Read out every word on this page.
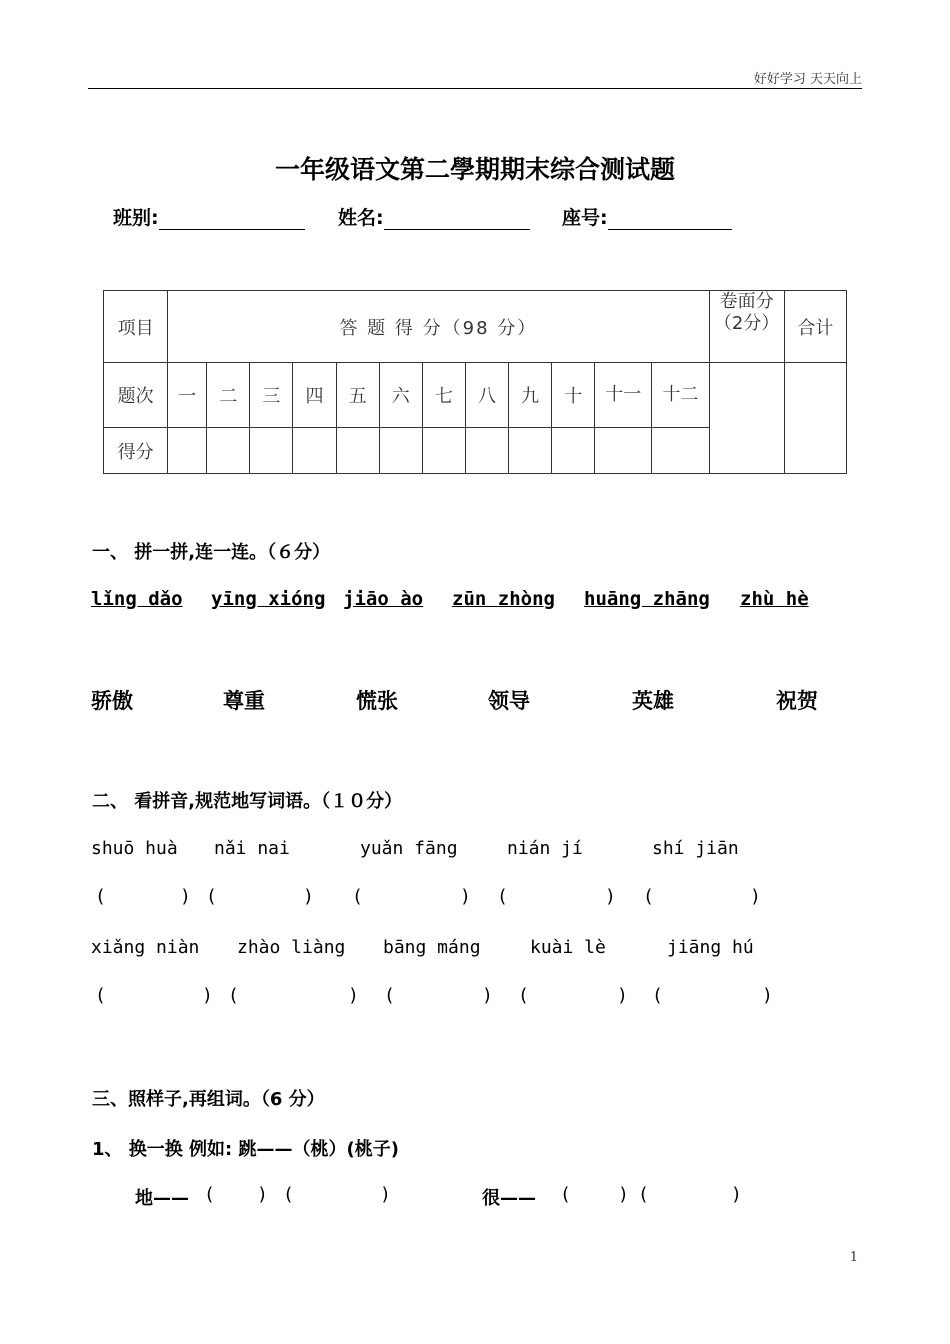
好好学习 天天向上
一年级语文第二學期期末综合测试题
班别:	姓名:	座号:
项目	答 题 得 分（98 分）												卷面分（2分）	合计
题次	一	二	三	四	五	六	七	八	九	十	十一	十二		
得分														
一、 拼一拼,连一连。（６分）
lǐng dǎo yīng xióng jiāo ào zūn zhòng huāng zhāng zhù hè
骄傲	尊重	慌张	领导	英雄	祝贺
二、 看拼音,规范地写词语。（１０分）
shuō huà nǎi nai	yuǎn fāng	nián jí	shí jiān
(	) (	) (	) (	) (	)
xiǎng niàn zhào liàng bāng máng	kuài lè	jiāng hú
(	) (	) (	) (	) (	)
三、照样子,再组词。（6 分）
1、 换一换 例如: 跳——（桃）(桃子)
地—— ( ) (	)	很—— (	) (	)
1
